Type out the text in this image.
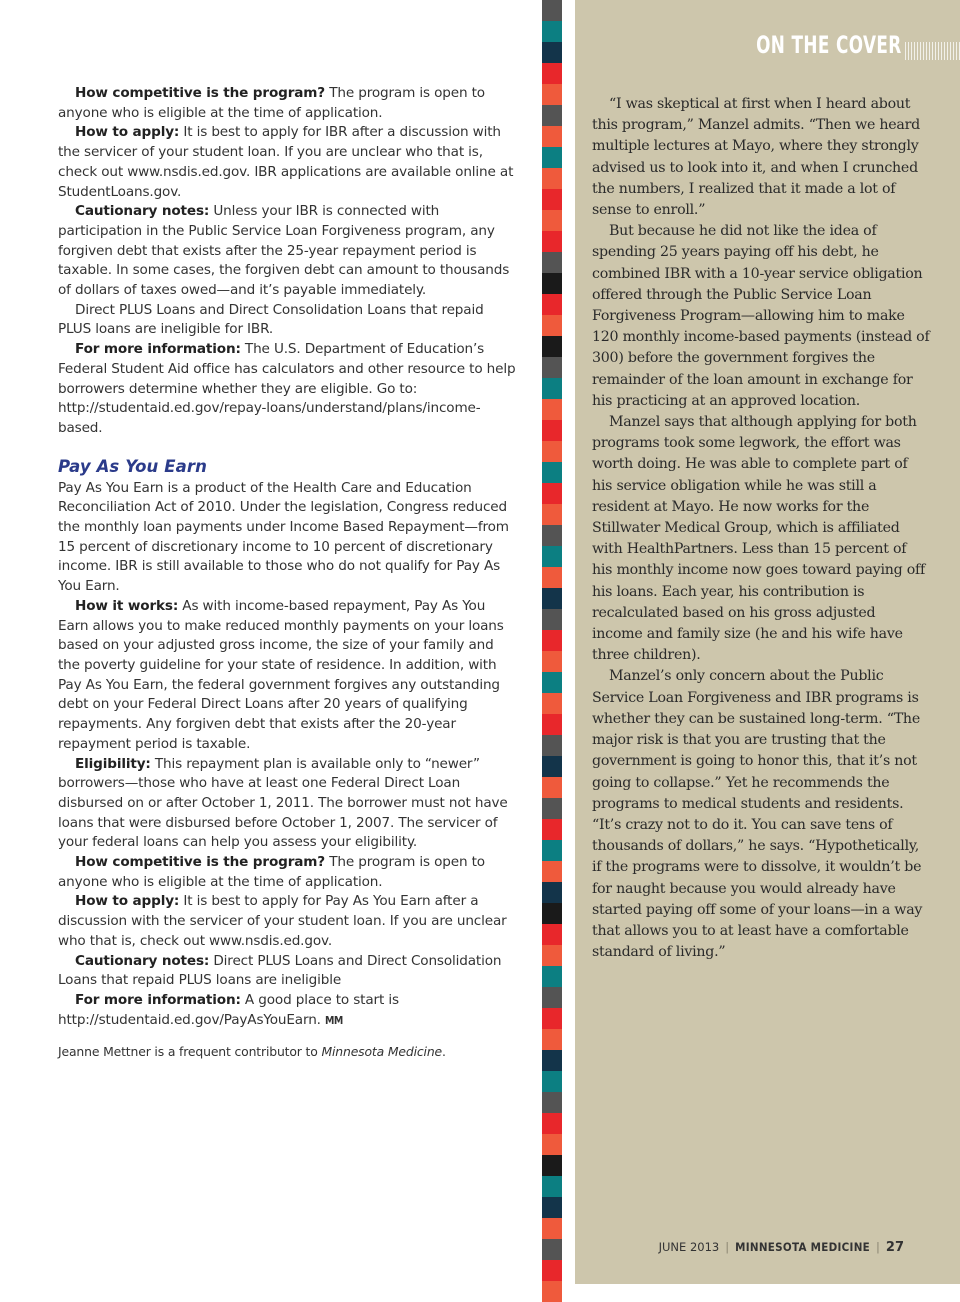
How competitive is the program? The program is open to anyone who is eligible at the time of application.

How to apply: It is best to apply for IBR after a discussion with the servicer of your student loan. If you are unclear who that is, check out www.nsdis.ed.gov. IBR applications are available online at StudentLoans.gov.

Cautionary notes: Unless your IBR is connected with participation in the Public Service Loan Forgiveness program, any forgiven debt that exists after the 25-year repayment period is taxable. In some cases, the forgiven debt can amount to thousands of dollars of taxes owed—and it’s payable immediately.

Direct PLUS Loans and Direct Consolidation Loans that repaid PLUS loans are ineligible for IBR.

For more information: The U.S. Department of Education’s Federal Student Aid office has calculators and other resource to help borrowers determine whether they are eligible. Go to: http://studentaid.ed.gov/repay-loans/understand/plans/income-based.

Pay As You Earn

Pay As You Earn is a product of the Health Care and Education Reconciliation Act of 2010. Under the legislation, Congress reduced the monthly loan payments under Income Based Repayment—from 15 percent of discretionary income to 10 percent of discretionary income. IBR is still available to those who do not qualify for Pay As You Earn.

How it works: As with income-based repayment, Pay As You Earn allows you to make reduced monthly payments on your loans based on your adjusted gross income, the size of your family and the poverty guideline for your state of residence. In addition, with Pay As You Earn, the federal government forgives any outstanding debt on your Federal Direct Loans after 20 years of qualifying repayments. Any forgiven debt that exists after the 20-year repayment period is taxable.

Eligibility: This repayment plan is available only to “newer” borrowers—those who have at least one Federal Direct Loan disbursed on or after October 1, 2011. The borrower must not have loans that were disbursed before October 1, 2007. The servicer of your federal loans can help you assess your eligibility.

How competitive is the program? The program is open to anyone who is eligible at the time of application.

How to apply: It is best to apply for Pay As You Earn after a discussion with the servicer of your student loan. If you are unclear who that is, check out www.nsdis.ed.gov.

Cautionary notes: Direct PLUS Loans and Direct Consolidation Loans that repaid PLUS loans are ineligible

For more information: A good place to start is http://studentaid.ed.gov/PayAsYouEarn. MM

Jeanne Mettner is a frequent contributor to Minnesota Medicine.

ON THE COVER

“I was skeptical at first when I heard about this program,” Manzel admits. “Then we heard multiple lectures at Mayo, where they strongly advised us to look into it, and when I crunched the numbers, I realized that it made a lot of sense to enroll.”

But because he did not like the idea of spending 25 years paying off his debt, he combined IBR with a 10-year service obligation offered through the Public Service Loan Forgiveness Program—allowing him to make 120 monthly income-based payments (instead of 300) before the government forgives the remainder of the loan amount in exchange for his practicing at an approved location.

Manzel says that although applying for both programs took some legwork, the effort was worth doing. He was able to complete part of his service obligation while he was still a resident at Mayo. He now works for the Stillwater Medical Group, which is affiliated with HealthPartners. Less than 15 percent of his monthly income now goes toward paying off his loans. Each year, his contribution is recalculated based on his gross adjusted income and family size (he and his wife have three children).

Manzel’s only concern about the Public Service Loan Forgiveness and IBR programs is whether they can be sustained long-term. “The major risk is that you are trusting that the government is going to honor this, that it’s not going to collapse.” Yet he recommends the programs to medical students and residents. “It’s crazy not to do it. You can save tens of thousands of dollars,” he says. “Hypothetically, if the programs were to dissolve, it wouldn’t be for naught because you would already have started paying off some of your loans—in a way that allows you to at least have a comfortable standard of living.”

JUNE 2013 | MINNESOTA MEDICINE | 27
